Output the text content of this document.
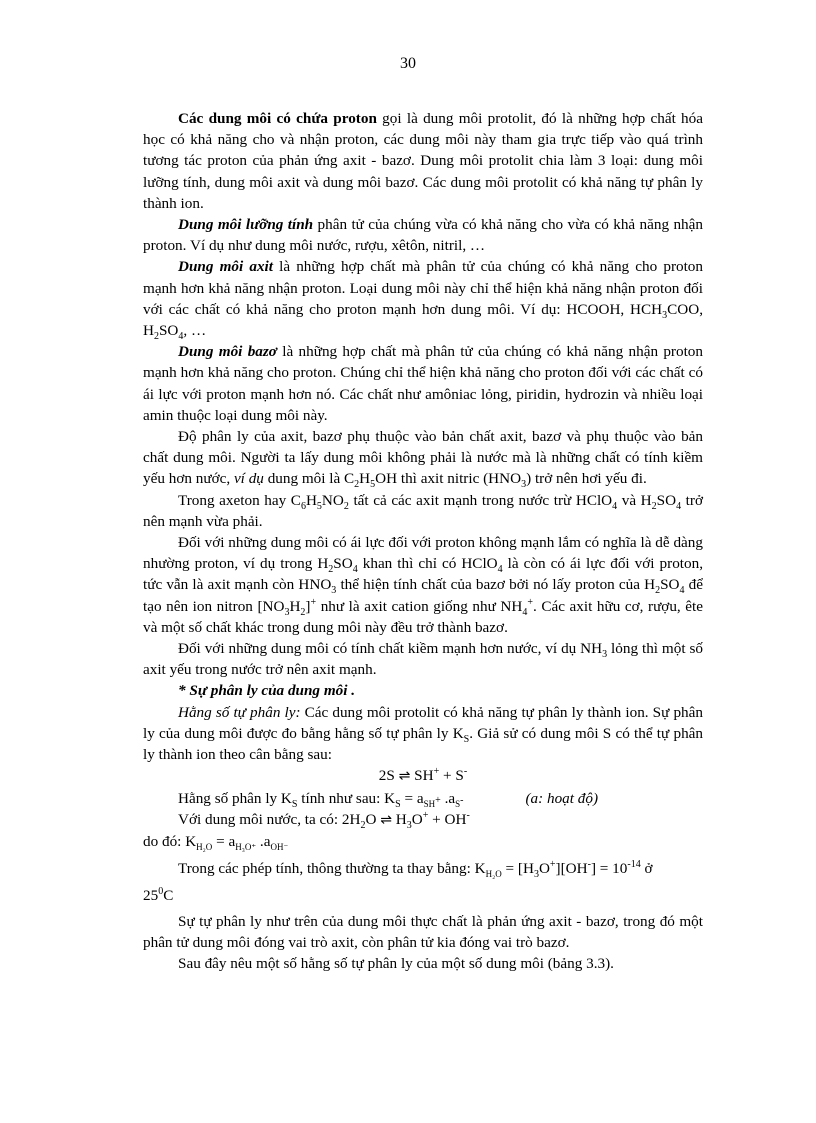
30

Các dung môi có chứa proton gọi là dung môi protolit, đó là những hợp chất hóa học có khả năng cho và nhận proton, các dung môi này tham gia trực tiếp vào quá trình tương tác proton của phản ứng axit - bazơ. Dung môi protolit chia làm 3 loại: dung môi lưỡng tính, dung môi axit và dung môi bazơ. Các dung môi protolit có khả năng tự phân ly thành ion.

Dung môi lưỡng tính phân tử của chúng vừa có khả năng cho vừa có khả năng nhận proton. Ví dụ như dung môi nước, rượu, xêtôn, nitril, …

Dung môi axit là những hợp chất mà phân tử của chúng có khả năng cho proton mạnh hơn khả năng nhận proton. Loại dung môi này chỉ thể hiện khả năng nhận proton đối với các chất có khả năng cho proton mạnh hơn dung môi. Ví dụ: HCOOH, $HCH_3COO$, $H_2SO_4$, …

Dung môi bazơ là những hợp chất mà phân tử của chúng có khả năng nhận proton mạnh hơn khả năng cho proton. Chúng chỉ thể hiện khả năng cho proton đối với các chất có ái lực với proton mạnh hơn nó. Các chất như amôniac lỏng, piridin, hydrozin và nhiều loại amin thuộc loại dung môi này.

Độ phân ly của axit, bazơ phụ thuộc vào bản chất axit, bazơ và phụ thuộc vào bản chất dung môi. Người ta lấy dung môi không phải là nước mà là những chất có tính kiềm yếu hơn nước, ví dụ dung môi là $C_2H_5OH$ thì axit nitric $(HNO_3)$ trở nên hơi yếu đi.

Trong axeton hay $C_6H_5NO_2$ tất cả các axit mạnh trong nước trừ HClO$_4$ và $H_2SO_4$ trở nên mạnh vừa phải.

Đối với những dung môi có ái lực đối với proton không mạnh lắm có nghĩa là dễ dàng nhường proton, ví dụ trong $H_2SO_4$ khan thì chỉ có HClO$_4$ là còn có ái lực đối với proton, tức vẫn là axit mạnh còn $HNO_3$ thể hiện tính chất của bazơ bởi nó lấy proton của $H_2SO_4$ để tạo nên ion nitron $[NO_3H_2]^+$ như là axit cation giống như $NH_4^+$. Các axit hữu cơ, rượu, ête và một số chất khác trong dung môi này đều trở thành bazơ.

Đối với những dung môi có tính chất kiềm mạnh hơn nước, ví dụ $NH_3$ lỏng thì một số axit yếu trong nước trở nên axit mạnh.

* Sự phân ly của dung môi .

Hằng số tự phân ly: Các dung môi protolit có khả năng tự phân ly thành ion. Sự phân ly của dung môi được đo bằng hằng số tự phân ly $K_S$. Giả sử có dung môi S có thể tự phân ly thành ion theo cân bằng sau:

2S ⇌ SH+ + S-

Hằng số phân ly $K_S$ tính như sau: $K_S = a_{SH^+}$ $.a_{S^-}$	(a: hoạt độ)

Với dung môi nước, ta có: $2H_2O$ ⇌ $H_3O^+ + OH^-$

do đó: $K_{H_2O} = a_{H_3O^+}$ $.a_{OH^-}$

Trong các phép tính, thông thường ta thay bằng: $K_{H_2O} = [H_3O^+][OH^-] = 10^{-14}$ ở

$25^0C$

Sự tự phân ly như trên của dung môi thực chất là phản ứng axit - bazơ, trong đó một phân tử dung môi đóng vai trò axit, còn phân tử kia đóng vai trò bazơ.

Sau đây nêu một số hằng số tự phân ly của một số dung môi (bảng 3.3).
